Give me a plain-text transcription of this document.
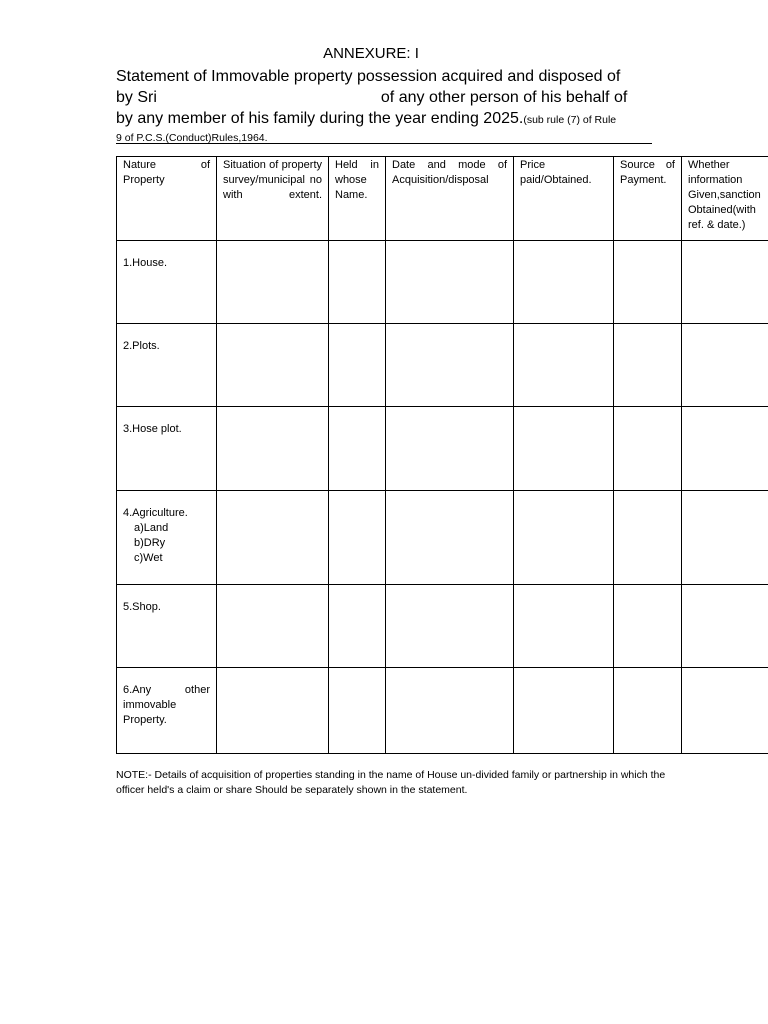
ANNEXURE: I
Statement of Immovable property possession acquired and disposed of
by Sri	of any other person of his behalf of
by any member of his family during the year ending 2025.(sub rule (7) of Rule
9 of P.C.S.(Conduct)Rules,1964.
Nature of Property	Situation of property survey/municipal no with extent.	Held in whose Name.	Date and mode of Acquisition/disposal	Price paid/Obtained.	Source of Payment.	Whether information Given,sanction Obtained(with ref. & date.)

1.House.						

2.Plots.						

3.Hose plot.						

4.Agriculture.
a)Land
b)DRy
c)Wet						

5.Shop.						

6.Any other immovable Property.						

NOTE:- Details of acquisition of properties standing in the name of House un-divided family or partnership in which the officer held's a claim or share Should be separately shown in the statement.
